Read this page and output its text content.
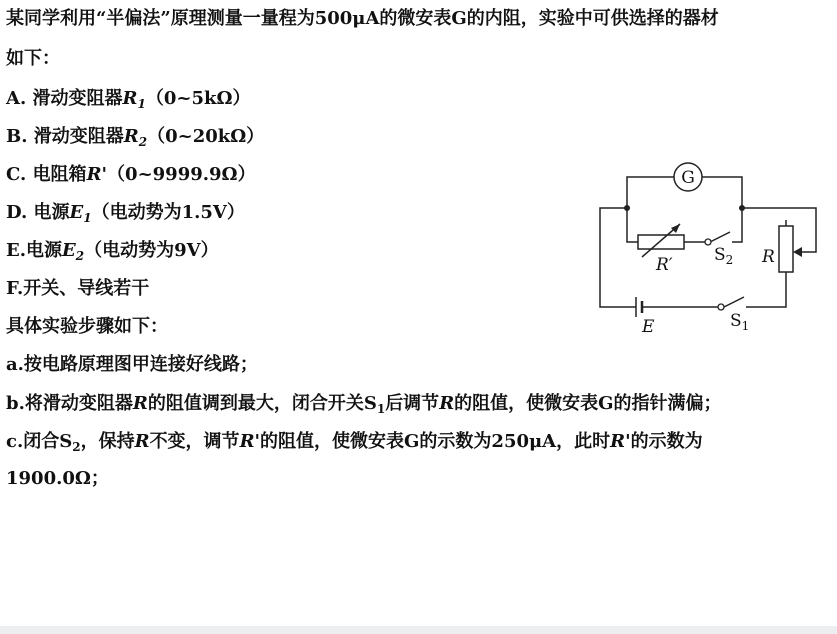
某同学利用“半偏法”原理测量一量程为500μA的微安表G的内阻，实验中可供选择的器材

如下：

A. 滑动变阻器$R_1(0\sim 5k\Omega)$

B. 滑动变阻器$R_2(0\sim 20k\Omega)$

C. 电阻箱R'（0~9999.9Ω）

D. 电源$E_1$（电动势为1.5V）

E.电源$E_2$（电动势为9V）

F.开关、导线若干

具体实验步骤如下：

a.按电路原理图甲连接好线路；

b.将滑动变阻器R的阻值调到最大，闭合开关$S_1$后调节R的阻值，使微安表G的指针满偏；

c.闭合$S_2$，保持R不变，调节R'的阻值，使微安表G的示数为250μA，此时R'的示数为

1900.0Ω；

G
R′ $S_2$ R
$S_1$
E
